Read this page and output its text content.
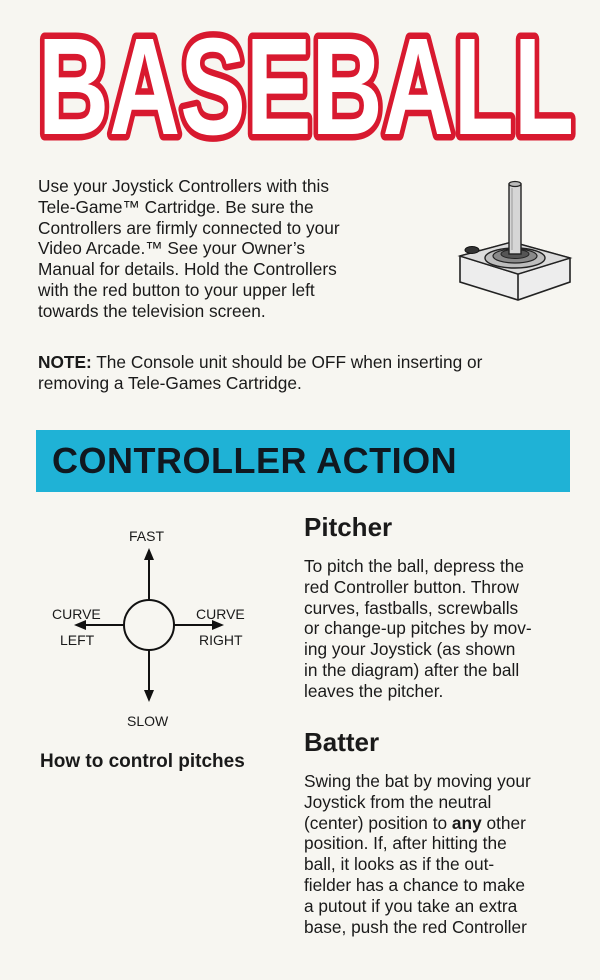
BASEBALL
Use your Joystick Controllers with this
Tele-Game™ Cartridge. Be sure the
Controllers are firmly connected to your
Video Arcade.™ See your Owner’s
Manual for details. Hold the Controllers
with the red button to your upper left
towards the television screen.
NOTE: The Console unit should be OFF when inserting or
removing a Tele-Games Cartridge.
CONTROLLER ACTION
FAST
SLOW
CURVE
LEFT
CURVE
RIGHT
How to control pitches
Pitcher
To pitch the ball, depress the
red Controller button. Throw
curves, fastballs, screwballs
or change-up pitches by mov-
ing your Joystick (as shown
in the diagram) after the ball
leaves the pitcher.
Batter
Swing the bat by moving your
Joystick from the neutral
(center) position to any other
position. If, after hitting the
ball, it looks as if the out-
fielder has a chance to make
a putout if you take an extra
base, push the red Controller
